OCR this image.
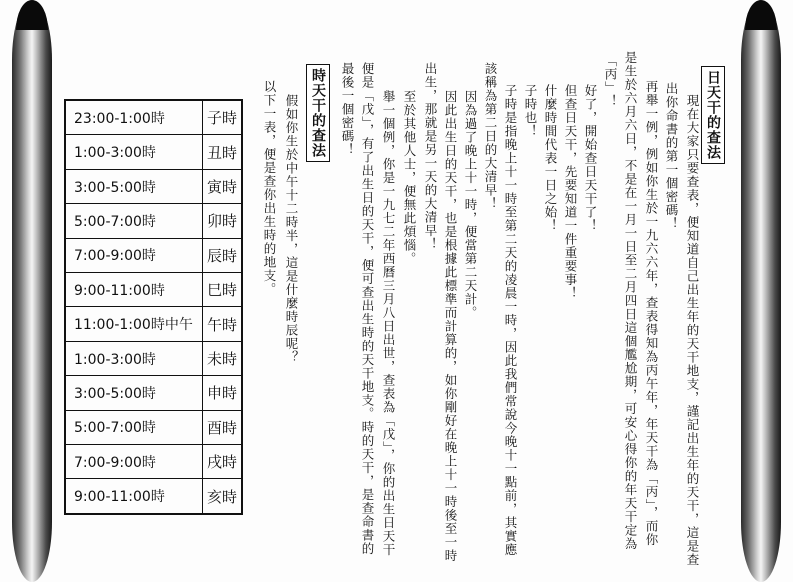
日天干的查法
現在大家只要查表，便知道自己出生年的天干地支，謹記出生年的天干，這是查
出你命書的第一個密碼！
再舉一例，例如你生於一九六六年，查表得知為丙午年，年天干為「丙」，而你
是生於六月六日，不是在一月一日至二月四日這個尷尬期，可安心得你的年天干定為
「丙」！
好了，開始查日天干了！
但查日天干，先要知道一件重要事！
什麼時間代表一日之始！
子時也！
子時是指晚上十一時至第二天的凌晨一時，因此我們常說今晚十一點前，其實應
該稱為第二日的大清早！
因為過了晚上十一時，便當第二天計。
因此出生日的天干，也是根據此標準而計算的，如你剛好在晚上十一時後至一時
出生，那就是另一天的大清早！
至於其他人士，便無此煩惱。
舉一個例，你是一九七二年西曆三月八日出世，查表為「戊」，你的出生日天干
便是「戊」，有了出生日的天干，便可查出生時的天干地支。時的天干，是查命書的
最後一個密碼！
時天干的查法
假如你生於中午十二時半，這是什麼時辰呢？
以下一表，便是查你出生時的地支。
23:00-1:00時	子時
1:00-3:00時	丑時
3:00-5:00時	寅時
5:00-7:00時	卯時
7:00-9:00時	辰時
9:00-11:00時	巳時
11:00-1:00時中午	午時
1:00-3:00時	未時
3:00-5:00時	申時
5:00-7:00時	酉時
7:00-9:00時	戌時
9:00-11:00時	亥時
